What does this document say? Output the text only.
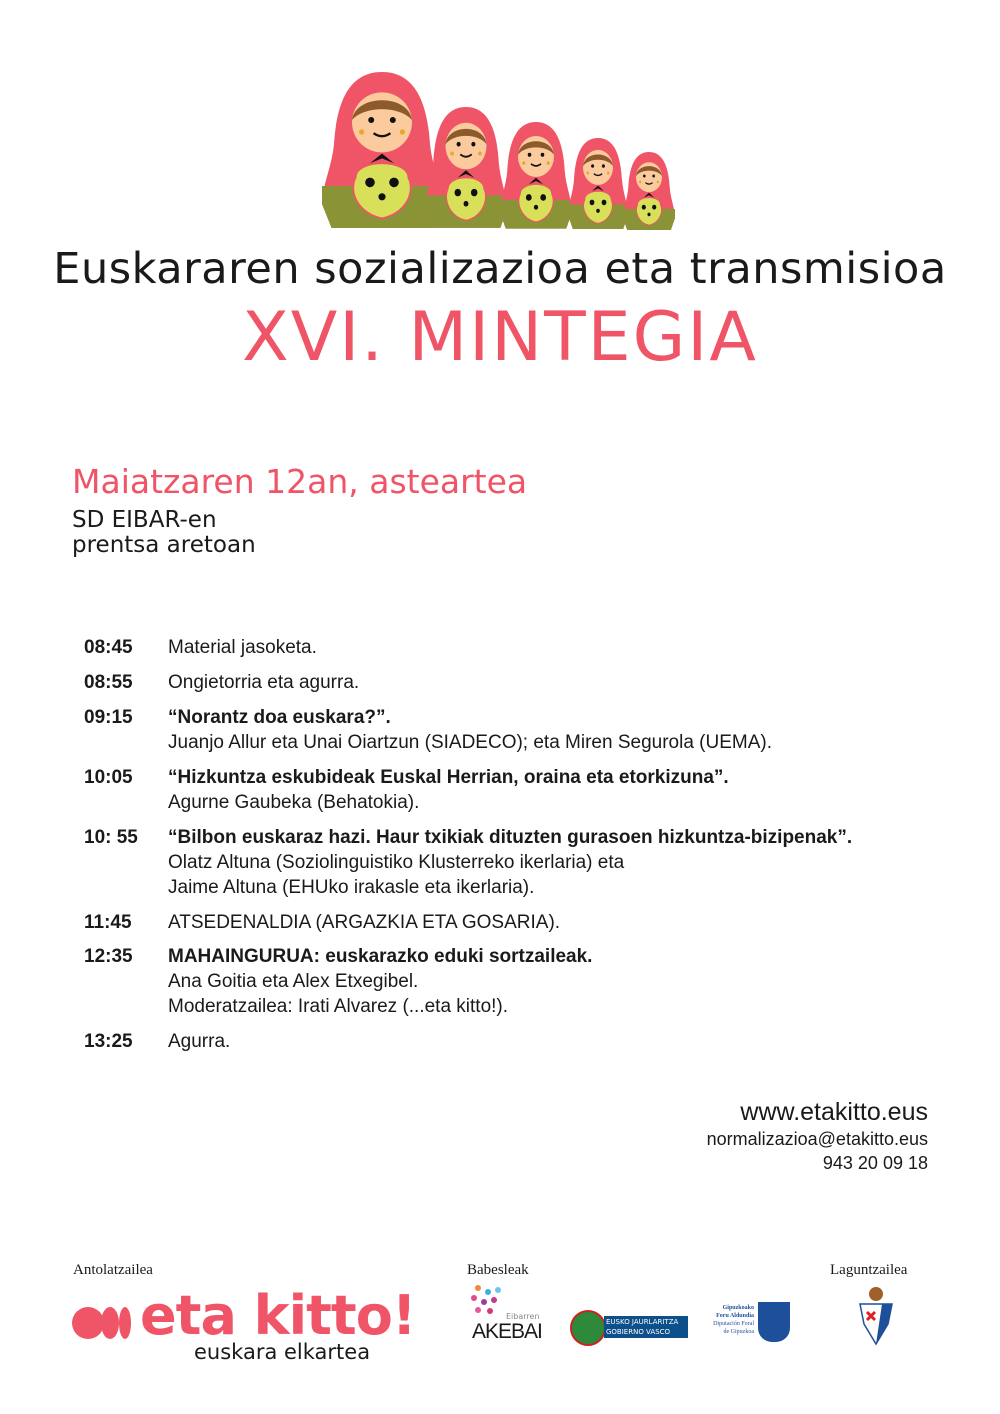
Euskararen sozializazioa eta transmisioa
XVI. MINTEGIA
Maiatzaren 12an, asteartea
SD EIBAR-en
prentsa aretoan
08:45	Material jasoketa.
08:55	Ongietorria eta agurra.
09:15	“Norantz doa euskara?”.
Juanjo Allur eta Unai Oiartzun (SIADECO); eta Miren Segurola (UEMA).
10:05	“Hizkuntza eskubideak Euskal Herrian, oraina eta etorkizuna”.
Agurne Gaubeka (Behatokia).
10: 55	“Bilbon euskaraz hazi. Haur txikiak dituzten gurasoen hizkuntza-bizipenak”.
Olatz Altuna (Soziolinguistiko Klusterreko ikerlaria) eta
Jaime Altuna (EHUko irakasle eta ikerlaria).
11:45	ATSEDENALDIA (ARGAZKIA ETA GOSARIA).
12:35	MAHAINGURUA: euskarazko eduki sortzaileak.
Ana Goitia eta Alex Etxegibel.
Moderatzailea: Irati Alvarez (...eta kitto!).
13:25	Agurra.
www.etakitto.eus
normalizazioa@etakitto.eus
943 20 09 18
Antolatzailea	Babesleak	Laguntzailea
eta kitto!
euskara elkartea
Eibarren
AKEBAI	EUSKO JAURLARITZA
GOBIERNO VASCO
Gipuzkoako
Foru Aldundia
Diputación Foral
de Gipuzkoa
